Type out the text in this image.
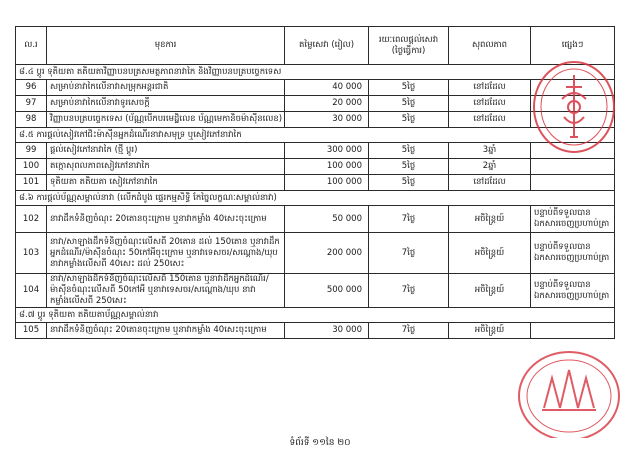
ល.រ	មុខការ	តម្លៃសេវា (រៀល)	រយៈពេលផ្តល់សេវា (ថ្ងៃធ្វើការ)	សុពលភាព	ផ្សេងៗ
៨.៤ ប្តូរ ទុតិយតា តតិយតាវិញ្ញាបនបត្រសមត្ថភាពនាវាកៃ និងវិញ្ញាបនបត្របច្ចេកទេស					
96	សម្រាប់នាវាកៃលើនាវាសម្រុកអន្តរជាតិ	40 000	5ថ្ងៃ	នៅដដែល	
97	សម្រាប់នាវាកៃលើនាវាទូរសេចក្តី	20 000	5ថ្ងៃ	នៅដដែល	
98	វិញ្ញាបនបត្របច្ចេកទេស (ប័ណ្ណបើកបរមេដ្ឋិលេខ ប័ណ្ណមេកានិចម៉ាស៊ីនលេខ)	30 000	5ថ្ងៃ	នៅដដែល	
៨.៥ ការផ្តល់សៀវភៅជិះម៉ាស៊ីនអ្នកដំណើរនាវាសមុទ្រ ឬសៀវភៅនាវាកៃ					
99	ផ្តល់សៀវភៅនាវាកៃ (ថ្មី ប្តូរ)	300 000	5ថ្ងៃ	3ឆ្នាំ	
100	តក្កោសុពលភាពសៀវភៅនាវាកៃ	100 000	5ថ្ងៃ	2ឆ្នាំ	
101	ទុតិយតា តតិយតា សៀវភៅនាវាកៃ	100 000	5ថ្ងៃ	នៅដដែល	
៨.៦ ការផ្តល់ប័ណ្ណសម្គាល់នាវា (លើកដំបូង ផ្ទេរកម្មសិទ្ធិ កែច្នៃលក្ខណៈសម្គាល់នាវា)					
102	នាវាដឹកទំនិញចំណុះ 20តោនចុះក្រោម ឬនាវាកម្លាំង 40សេះចុះក្រោម	50 000	7ថ្ងៃ	អចិន្ត្រៃយ៍	បន្ទាប់ពីទទួលបាន ឯកសារចេញប្រហាប់ត្រា
103	នាវា/សាឡាងដឹកទំនិញចំណុះលើសពី 20តោន ដល់ 150តោន ឬនាវាដឹកអ្នកដំណើរ/ម៉ាស៊ីនចំណុះ 50កៅអីចុះក្រោម ឬនាវាទេសចរ/សណ្តោង/ឃុប នាវាកម្លាំងលើសពី 40សេះ ដល់ 250សេះ	200 000	7ថ្ងៃ	អចិន្ត្រៃយ៍	បន្ទាប់ពីទទួលបាន ឯកសារចេញប្រហាប់ត្រា
104	នាវា/សាឡាងដឹកទំនិញចំណុះលើសពី 150តោន ឬនាវាដឹកអ្នកដំណើរ/ម៉ាស៊ីនចំណុះលើសពី 50កៅអី ឬនាវាទេសចរ/សណ្តោង/ឃុប នាវា កម្លាំងលើសពី 250សេះ	500 000	7ថ្ងៃ	អចិន្ត្រៃយ៍	បន្ទាប់ពីទទួលបាន ឯកសារចេញប្រហាប់ត្រា
៨.៧ ប្តូរ ទុតិយតា តតិយតាប័ណ្ណសម្គាល់នាវា					
105	នាវាដឹកទំនិញចំណុះ 20តោនចុះក្រោម ឬនាវាកម្លាំង 40សេះចុះក្រោម	30 000	7ថ្ងៃ	អចិន្ត្រៃយ៍	
ទំព័រទី ១១នៃ ២០
